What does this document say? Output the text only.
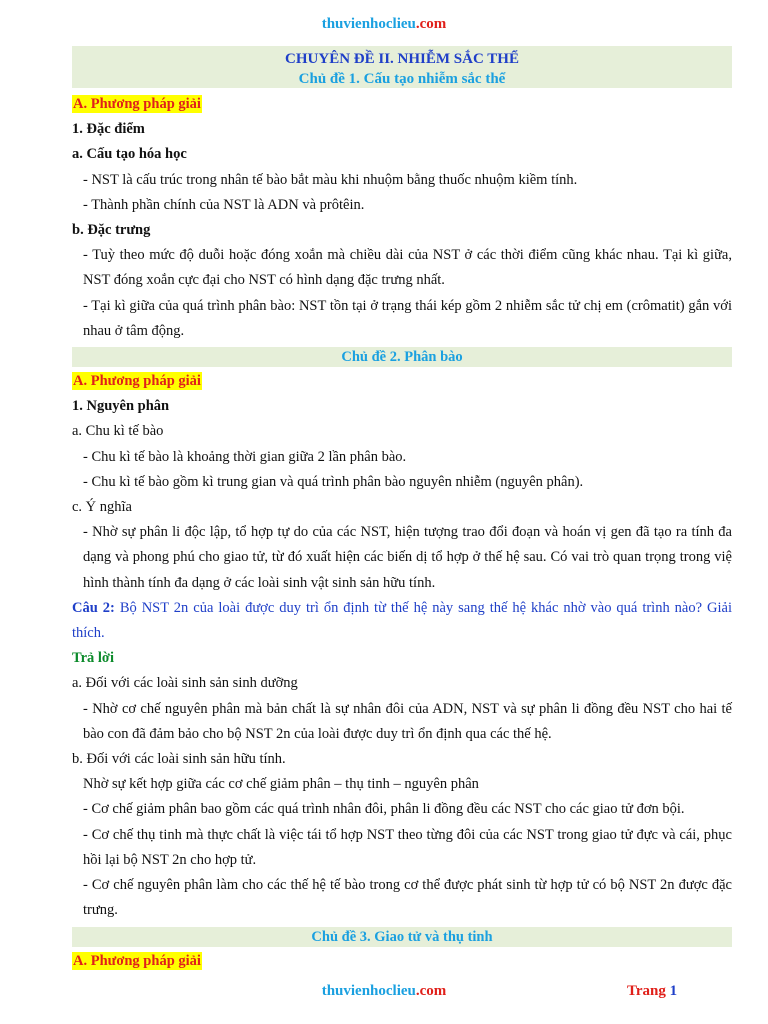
thuvienhoclieu.com
CHUYÊN ĐỀ II. NHIỄM SẮC THỂ
Chủ đề 1. Cấu tạo nhiễm sắc thể
A. Phương pháp giải
1. Đặc điểm
a. Cấu tạo hóa học
- NST là cấu trúc trong nhân tế bào bắt màu khi nhuộm bằng thuốc nhuộm kiềm tính.
- Thành phần chính của NST là ADN và prôtêin.
b. Đặc trưng
- Tuỳ theo mức độ duỗi hoặc đóng xoắn mà chiều dài của NST ở các thời điểm cũng khác nhau. Tại kì giữa, NST đóng xoắn cực đại cho NST có hình dạng đặc trưng nhất.
- Tại kì giữa của quá trình phân bào: NST tồn tại ở trạng thái kép gồm 2 nhiễm sắc tử chị em (crômatit) gắn với nhau ở tâm động.
Chủ đề 2. Phân bào
A. Phương pháp giải
1. Nguyên phân
a. Chu kì tế bào
- Chu kì tế bào là khoảng thời gian giữa 2 lần phân bào.
- Chu kì tế bào gồm kì trung gian và quá trình phân bào nguyên nhiễm (nguyên phân).
c. Ý nghĩa
- Nhờ sự phân li độc lập, tổ hợp tự do của các NST, hiện tượng trao đổi đoạn và hoán vị gen đã tạo ra tính đa dạng và phong phú cho giao tử, từ đó xuất hiện các biến dị tổ hợp ở thế hệ sau. Có vai trò quan trọng trong việ hình thành tính đa dạng ở các loài sinh vật sinh sản hữu tính.
Câu 2: Bộ NST 2n của loài được duy trì ổn định từ thế hệ này sang thế hệ khác nhờ vào quá trình nào? Giải thích.
Trả lời
a. Đối với các loài sinh sản sinh dưỡng
- Nhờ cơ chế nguyên phân mà bản chất là sự nhân đôi của ADN, NST và sự phân li đồng đều NST cho hai tế bào con đã đảm bảo cho bộ NST 2n của loài được duy trì ổn định qua các thế hệ.
b. Đối với các loài sinh sản hữu tính.
Nhờ sự kết hợp giữa các cơ chế giảm phân – thụ tinh – nguyên phân
- Cơ chế giảm phân bao gồm các quá trình nhân đôi, phân li đồng đều các NST cho các giao tử đơn bội.
- Cơ chế thụ tinh mà thực chất là việc tái tổ hợp NST theo từng đôi của các NST trong giao tử đực và cái, phục hồi lại bộ NST 2n cho hợp tử.
- Cơ chế nguyên phân làm cho các thế hệ tế bào trong cơ thể được phát sinh từ hợp tử có bộ NST 2n được đặc trưng.
Chủ đề 3. Giao tử và thụ tinh
A. Phương pháp giải
thuvienhoclieu.com	Trang 1
